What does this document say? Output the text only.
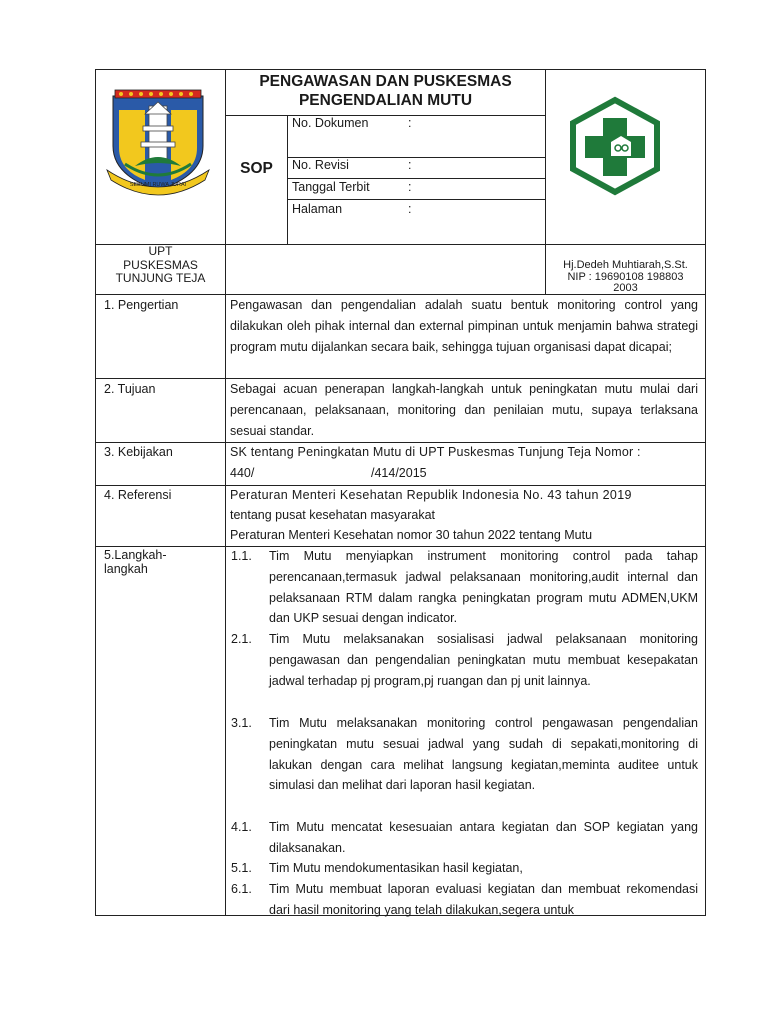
SEBUMI RUWA JURAI
PENGAWASAN DAN PUSKESMAS
PENGENDALIAN MUTU
SOP
No. Dokumen	:
No. Revisi	:
Tanggal Terbit	:
Halaman	:
UPT
PUSKESMAS
TUNJUNG TEJA
Hj.Dedeh Muhtiarah,S.St.
NIP : 19690108 198803
2003
1. Pengertian	Pengawasan dan pengendalian adalah suatu bentuk monitoring control yang dilakukan oleh pihak internal dan external pimpinan untuk menjamin bahwa strategi program mutu dijalankan secara baik, sehingga tujuan organisasi dapat dicapai;
2. Tujuan	Sebagai acuan penerapan langkah-langkah untuk peningkatan mutu mulai dari perencanaan, pelaksanaan, monitoring dan penilaian mutu, supaya terlaksana sesuai standar.
3. Kebijakan	SK tentang Peningkatan Mutu di UPT Puskesmas Tunjung Teja Nomor :
440/	/414/2015
4. Referensi	Peraturan Menteri Kesehatan Republik Indonesia No. 43 tahun 2019
tentang pusat kesehatan masyarakat
Peraturan Menteri Kesehatan nomor 30 tahun 2022 tentang Mutu
5.Langkah-
langkah
1.1. Tim Mutu menyiapkan instrument monitoring control pada tahap perencanaan,termasuk jadwal pelaksanaan monitoring,audit internal dan pelaksanaan RTM dalam rangka peningkatan program mutu ADMEN,UKM dan UKP sesuai dengan indicator.
2.1. Tim Mutu melaksanakan sosialisasi jadwal pelaksanaan monitoring pengawasan dan pengendalian peningkatan mutu membuat kesepakatan jadwal terhadap pj program,pj ruangan dan pj unit lainnya.
3.1. Tim Mutu melaksanakan monitoring control pengawasan pengendalian peningkatan mutu sesuai jadwal yang sudah di sepakati,monitoring di lakukan dengan cara melihat langsung kegiatan,meminta auditee untuk simulasi dan melihat dari laporan hasil kegiatan.
4.1. Tim Mutu mencatat kesesuaian antara kegiatan dan SOP kegiatan yang dilaksanakan.
5.1. Tim Mutu mendokumentasikan hasil kegiatan,
6.1. Tim Mutu membuat laporan evaluasi kegiatan dan membuat rekomendasi dari hasil monitoring yang telah dilakukan,segera untuk
